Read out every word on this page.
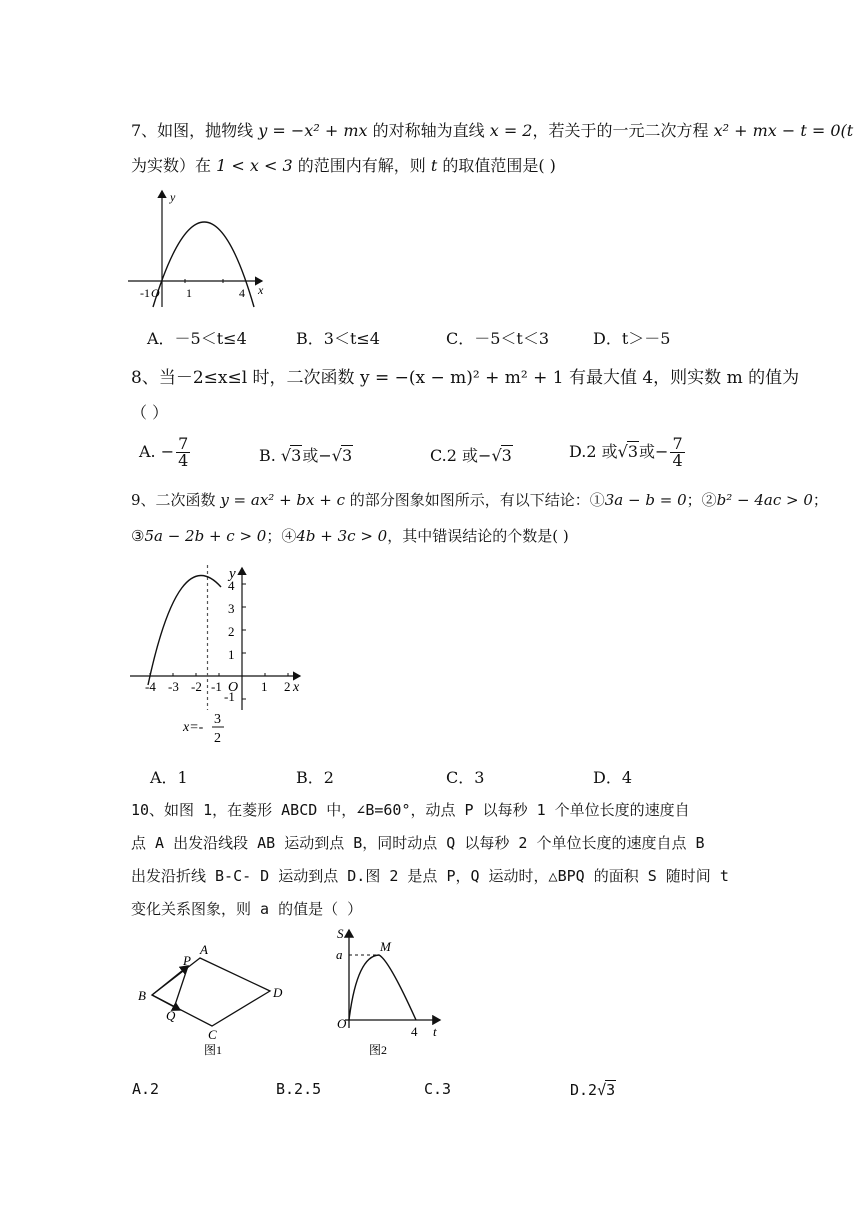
7、如图，抛物线 y = −x² + mx 的对称轴为直线 x = 2，若关于的一元二次方程 x² + mx − t = 0(t
为实数）在 1 < x < 3 的范围内有解，则 t 的取值范围是( )
y
x
-1 O 1	4
A．－5＜t≤4	B．3＜t≤4	C．－5＜t＜3	D．t＞－5
8、当－2≤x≤l 时，二次函数 y = −(x − m)² + m² + 1 有最大值 4，则实数 m 的值为
（ ）
A. − $\frac{7}{4}$	B. √3或−√3	C.2 或−√3	D.2 或√3或− $\frac{7}{4}$
9、二次函数 y = ax² + bx + c 的部分图象如图所示，有以下结论：①3a − b = 0；②b² − 4ac > 0；
③5a − 2b + c > 0；④4b + 3c > 0，其中错误结论的个数是( )
y
x
4
3
2
1
-1
-4 -3 -2 -1 O 1 2
x=-
3
2
A．1	B．2	C．3	D．4
10、如图 1，在菱形 ABCD 中，∠B=60°，动点 P 以每秒 1 个单位长度的速度自
点 A 出发沿线段 AB 运动到点 B，同时动点 Q 以每秒 2 个单位长度的速度自点 B
出发沿折线 B-C- D 运动到点 D.图 2 是点 P，Q 运动时，△BPQ 的面积 S 随时间 t
变化关系图象，则 a 的值是（ ）
A
P
B	D
Q
C
图1
S
M
a
O
4 t
图2
A.2	B.2.5	C.3	D.2√3
